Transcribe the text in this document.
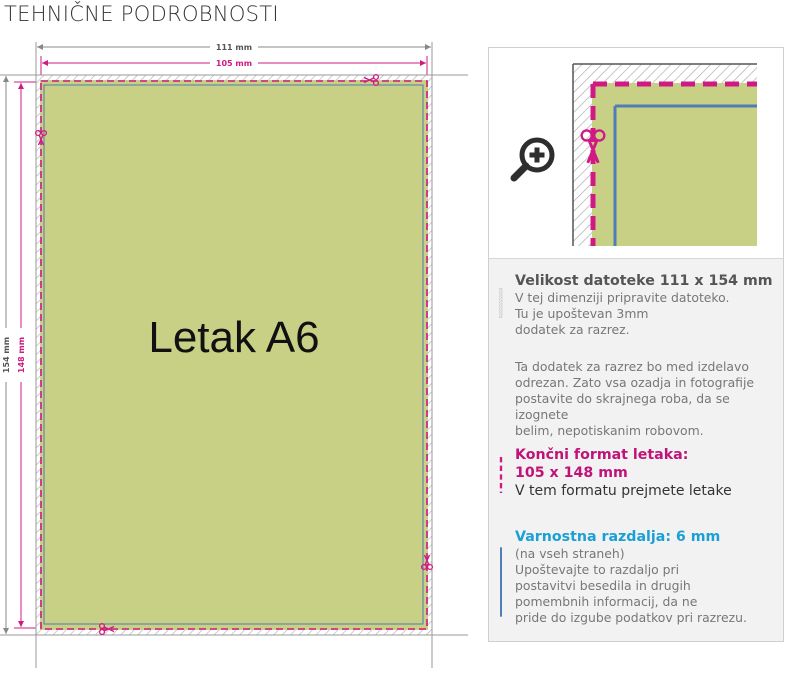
TEHNIČNE PODROBNOSTI
Letak A6
111 mm
105 mm
154 mm 148 mm
Velikost datoteke 111 x 154 mm
V tej dimenziji pripravite datoteko.
Tu je upoštevan 3mm
dodatek za razrez.
Ta dodatek za razrez bo med izdelavo
odrezan. Zato vsa ozadja in fotografije
postavite do skrajnega roba, da se izognete
belim, nepotiskanim robovom.
Končni format letaka:
105 x 148 mm
V tem formatu prejmete letake
Varnostna razdalja: 6 mm
(na vseh straneh)
Upoštevajte to razdaljo pri
postavitvi besedila in drugih
pomembnih informacij, da ne
pride do izgube podatkov pri razrezu.
